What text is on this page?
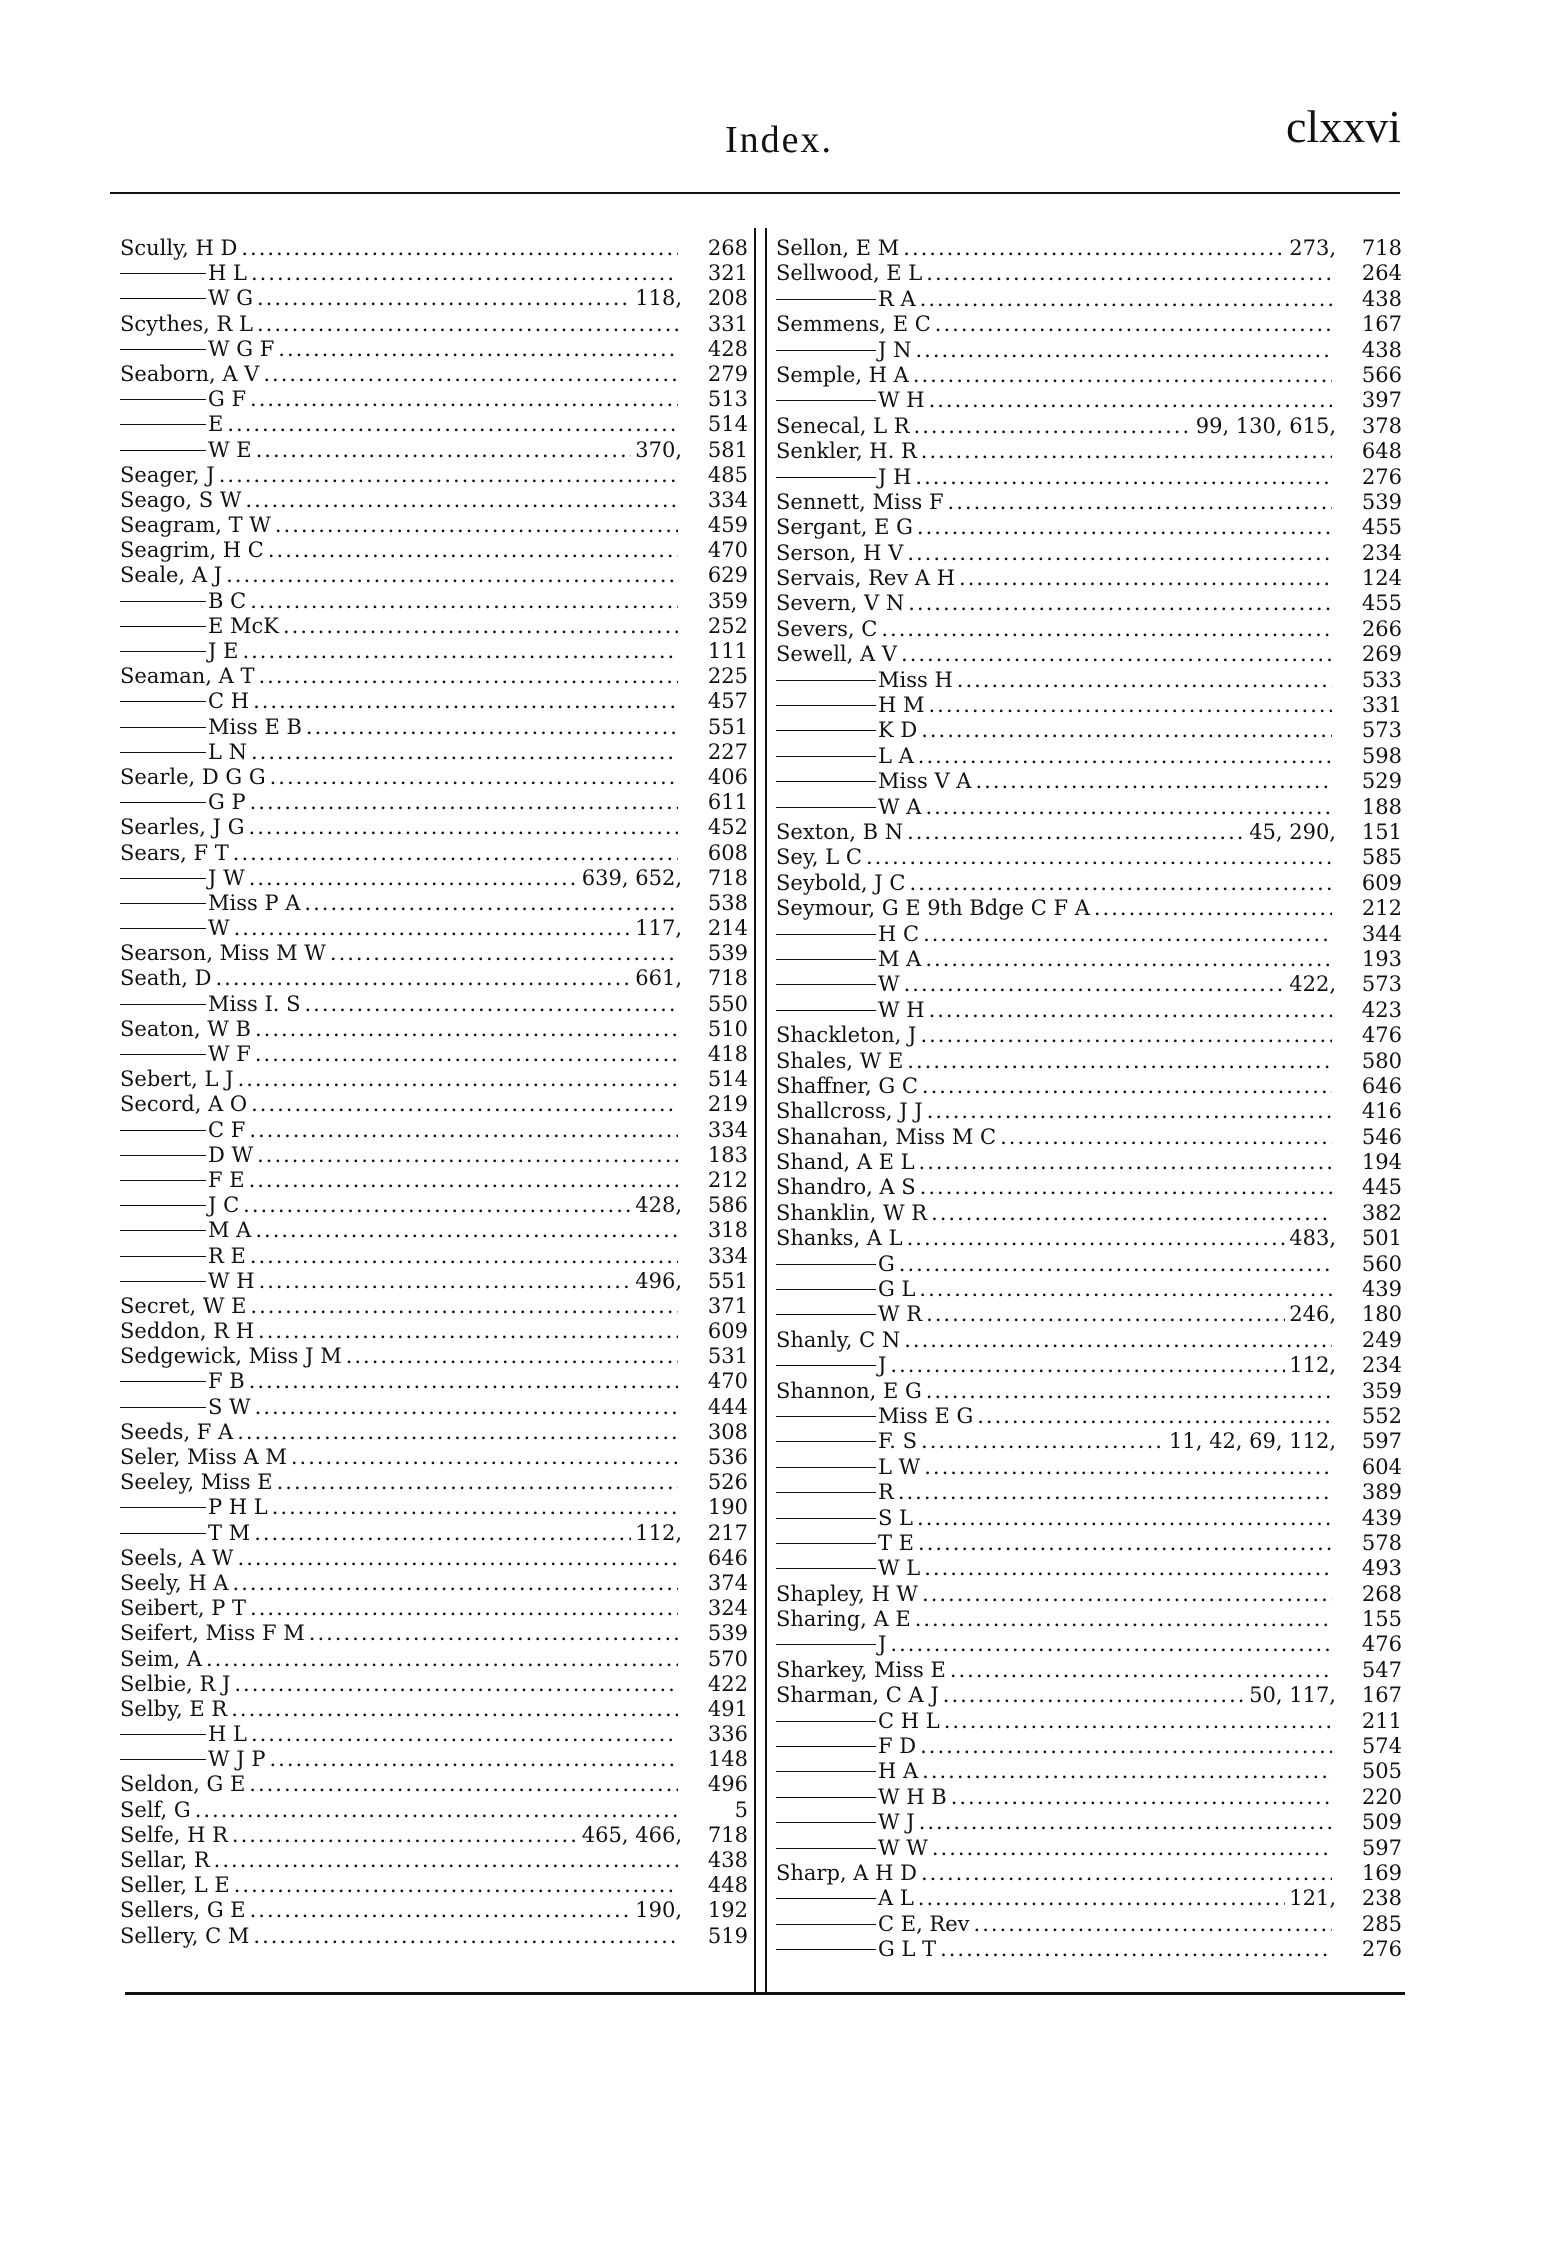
Index.	clxxvi
Scully, H D .....	268
H L .....	321
W G .....	118,	208
Scythes, R L .....	331
W G F .....	428
Seaborn, A V .....	279
G F .....	513
E .....	514
W E .....	370,	581
Seager, J .....	485
Seago, S W .....	334
Seagram, T W .....	459
Seagrim, H C .....	470
Seale, A J .....	629
B C .....	359
E McK .....	252
J E .....	111
Seaman, A T .....	225
C H .....	457
Miss E B .....	551
L N .....	227
Searle, D G G .....	406
G P .....	611
Searles, J G .....	452
Sears, F T .....	608
J W .....	639, 652,	718
Miss P A .....	538
W .....	117,	214
Searson, Miss M W .....	539
Seath, D .....	661,	718
Miss I. S .....	550
Seaton, W B .....	510
W F .....	418
Sebert, L J .....	514
Secord, A O .....	219
C F .....	334
D W .....	183
F E .....	212
J C .....	428,	586
M A .....	318
R E .....	334
W H .....	496,	551
Secret, W E .....	371
Seddon, R H .....	609
Sedgewick, Miss J M .....	531
F B .....	470
S W .....	444
Seeds, F A .....	308
Seler, Miss A M .....	536
Seeley, Miss E .....	526
P H L .....	190
T M .....	112,	217
Seels, A W .....	646
Seely, H A .....	374
Seibert, P T .....	324
Seifert, Miss F M .....	539
Seim, A .....	570
Selbie, R J .....	422
Selby, E R .....	491
H L .....	336
W J P .....	148
Seldon, G E .....	496
Self, G .....	5
Selfe, H R .....	465, 466,	718
Sellar, R .....	438
Seller, L E .....	448
Sellers, G E .....	190,	192
Sellery, C M .....	519
Sellon, E M .....	273,	718
Sellwood, E L .....	264
R A .....	438
Semmens, E C .....	167
J N .....	438
Semple, H A .....	566
W H .....	397
Senecal, L R .....	99, 130, 615,	378
Senkler, H. R .....	648
J H .....	276
Sennett, Miss F .....	539
Sergant, E G .....	455
Serson, H V .....	234
Servais, Rev A H .....	124
Severn, V N .....	455
Severs, C .....	266
Sewell, A V .....	269
Miss H .....	533
H M .....	331
K D .....	573
L A .....	598
Miss V A .....	529
W A .....	188
Sexton, B N .....	45, 290,	151
Sey, L C .....	585
Seybold, J C .....	609
Seymour, G E 9th Bdge C F A .....	212
H C .....	344
M A .....	193
W .....	422,	573
W H .....	423
Shackleton, J .....	476
Shales, W E .....	580
Shaffner, G C .....	646
Shallcross, J J .....	416
Shanahan, Miss M C .....	546
Shand, A E L .....	194
Shandro, A S .....	445
Shanklin, W R .....	382
Shanks, A L .....	483,	501
G .....	560
G L .....	439
W R .....	246,	180
Shanly, C N .....	249
J .....	112,	234
Shannon, E G .....	359
Miss E G .....	552
F. S .....	11, 42, 69, 112,	597
L W .....	604
R .....	389
S L .....	439
T E .....	578
W L .....	493
Shapley, H W .....	268
Sharing, A E .....	155
J .....	476
Sharkey, Miss E .....	547
Sharman, C A J .....	50, 117,	167
C H L .....	211
F D .....	574
H A .....	505
W H B .....	220
W J .....	509
W W .....	597
Sharp, A H D .....	169
A L .....	121,	238
C E, Rev .....	285
G L T .....	276
